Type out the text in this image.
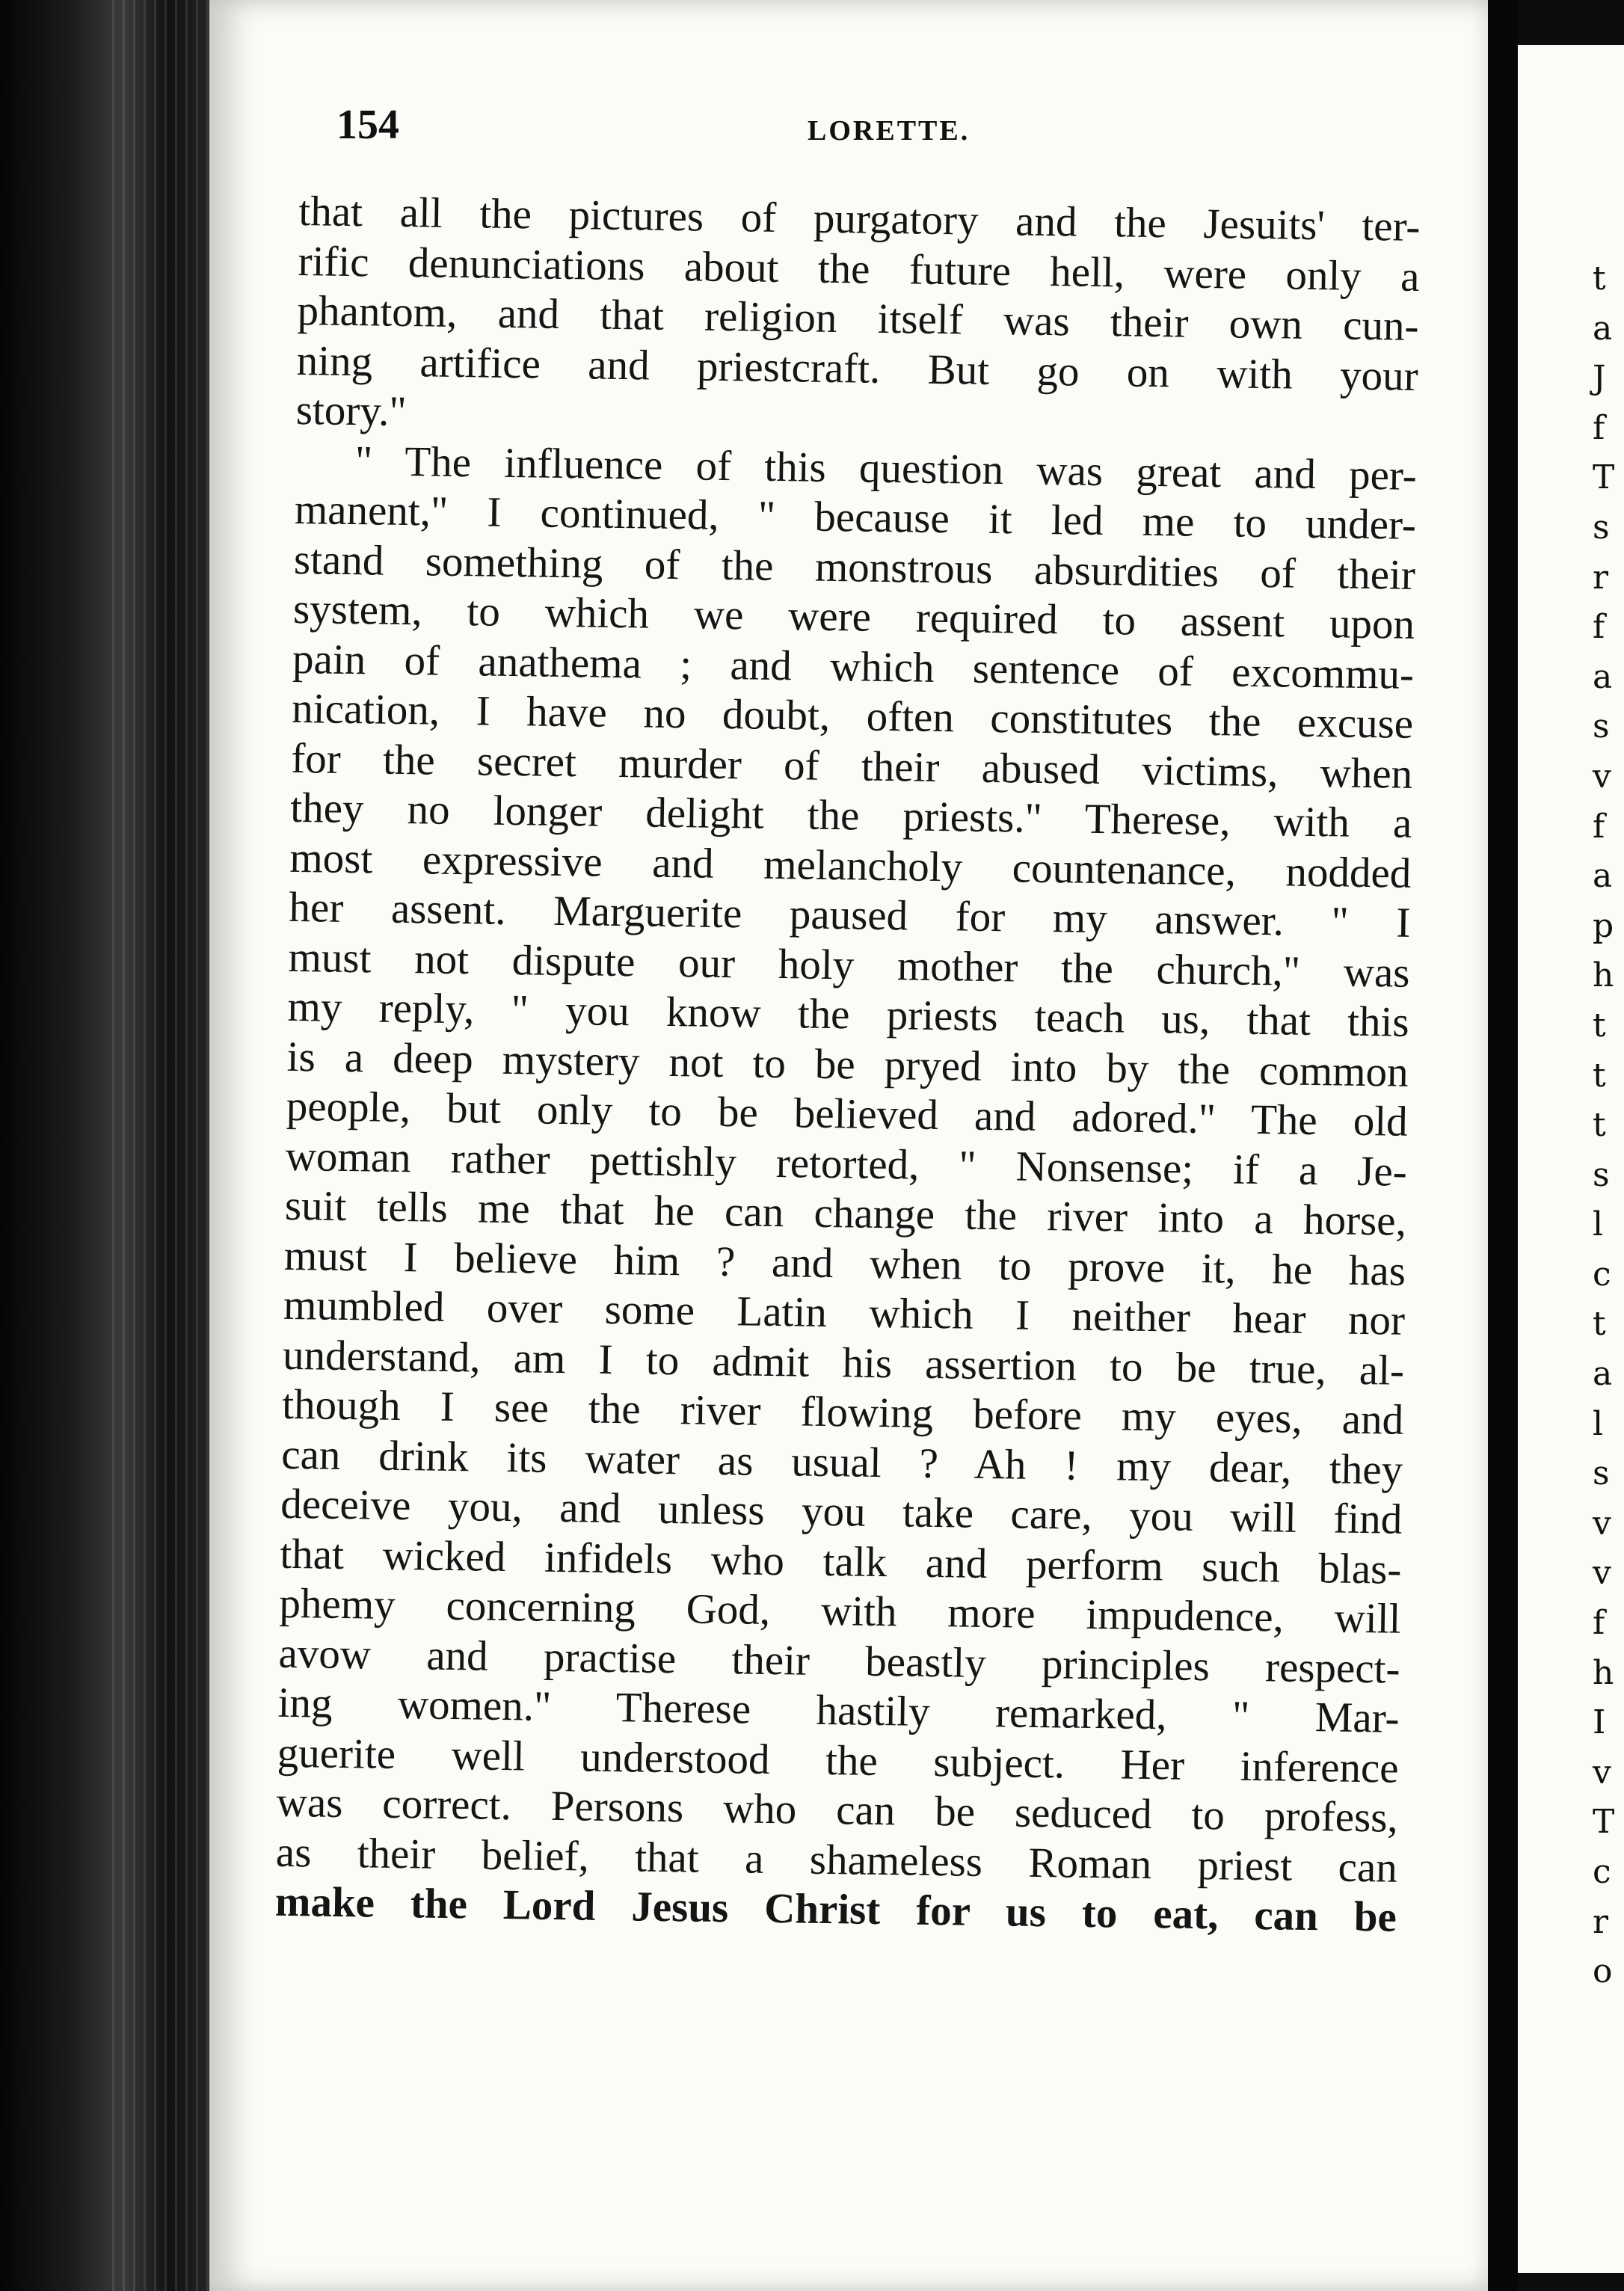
t
a
J
f
T
s
r
f
a
s
v
f
a
p
h
t
t
t
s
l
c
t
a
l
s
v
v
f
h
I
v
T
c
r
o
154	LORETTE.
that all the pictures of purgatory and the Jesuits' ter-
rific denunciations about the future hell, were only a
phantom, and that religion itself was their own cun-
ning artifice and priestcraft. But go on with your
story."
" The influence of this question was great and per-
manent," I continued, " because it led me to under-
stand something of the monstrous absurdities of their
system, to which we were required to assent upon
pain of anathema ; and which sentence of excommu-
nication, I have no doubt, often constitutes the excuse
for the secret murder of their abused victims, when
they no longer delight the priests." Therese, with a
most expressive and melancholy countenance, nodded
her assent. Marguerite paused for my answer. " I
must not dispute our holy mother the church," was
my reply, " you know the priests teach us, that this
is a deep mystery not to be pryed into by the common
people, but only to be believed and adored." The old
woman rather pettishly retorted, " Nonsense; if a Je-
suit tells me that he can change the river into a horse,
must I believe him ? and when to prove it, he has
mumbled over some Latin which I neither hear nor
understand, am I to admit his assertion to be true, al-
though I see the river flowing before my eyes, and
can drink its water as usual ? Ah ! my dear, they
deceive you, and unless you take care, you will find
that wicked infidels who talk and perform such blas-
phemy concerning God, with more impudence, will
avow and practise their beastly principles respect-
ing women." Therese hastily remarked, " Mar-
guerite well understood the subject. Her inference
was correct. Persons who can be seduced to profess,
as their belief, that a shameless Roman priest can
make the Lord Jesus Christ for us to eat, can be
